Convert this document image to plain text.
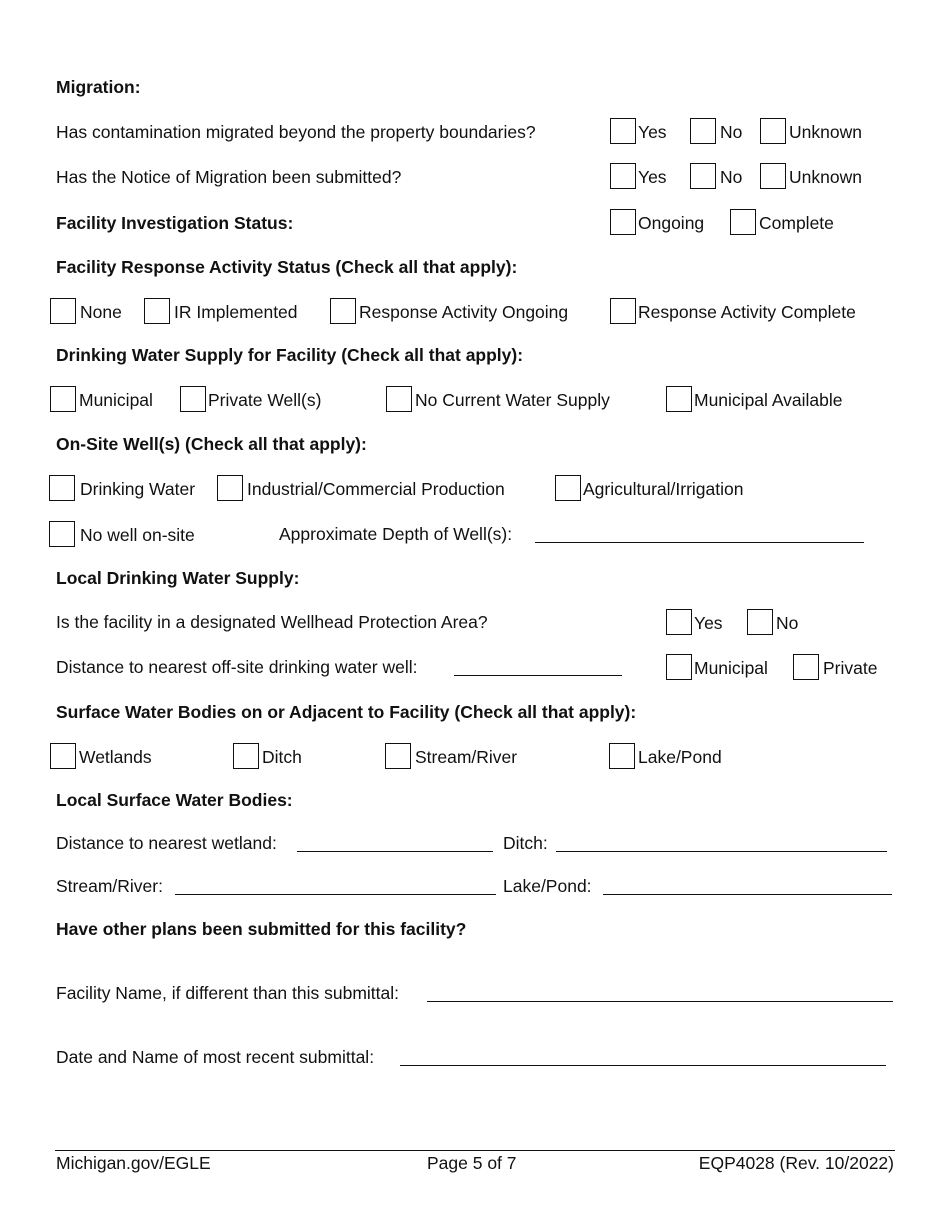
Migration:
Has contamination migrated beyond the property boundaries?	Yes	No	Unknown
Has the Notice of Migration been submitted?	Yes	No	Unknown
Facility Investigation Status:	Ongoing	Complete
Facility Response Activity Status (Check all that apply):
None	IR Implemented	Response Activity Ongoing	Response Activity Complete
Drinking Water Supply for Facility (Check all that apply):
Municipal	Private Well(s)	No Current Water Supply	Municipal Available
On-Site Well(s) (Check all that apply):
Drinking Water	Industrial/Commercial Production	Agricultural/Irrigation
No well on-site	Approximate Depth of Well(s):
Local Drinking Water Supply:
Is the facility in a designated Wellhead Protection Area?	Yes	No
Distance to nearest off-site drinking water well:	Municipal	Private
Surface Water Bodies on or Adjacent to Facility (Check all that apply):
Wetlands	Ditch	Stream/River	Lake/Pond
Local Surface Water Bodies:
Distance to nearest wetland:	Ditch:
Stream/River:	Lake/Pond:
Have other plans been submitted for this facility?
Facility Name, if different than this submittal:
Date and Name of most recent submittal:
Michigan.gov/EGLE	Page 5 of 7	EQP4028 (Rev. 10/2022)
